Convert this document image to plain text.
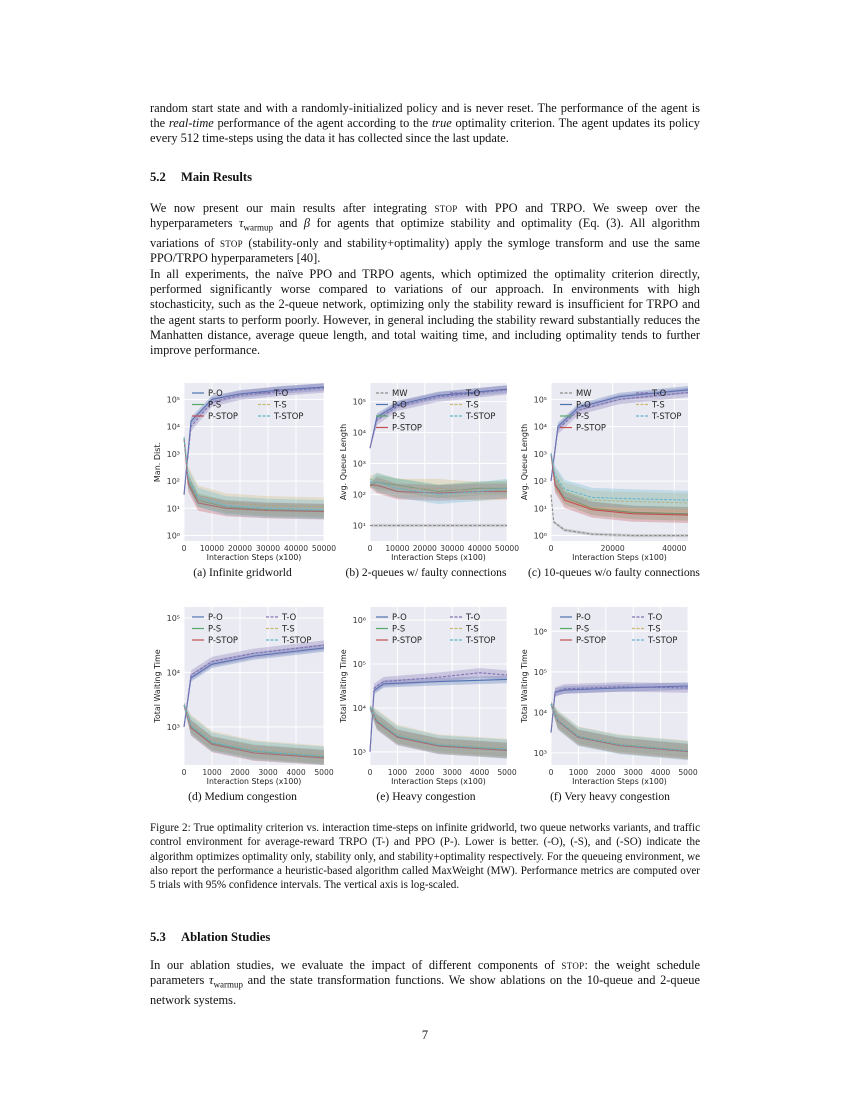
random start state and with a randomly-initialized policy and is never reset. The performance of the agent is the real-time performance of the agent according to the true optimality criterion. The agent updates its policy every 512 time-steps using the data it has collected since the last update.

5.2 Main Results

We now present our main results after integrating stop with PPO and TRPO. We sweep over the hyperparameters $\tau_{warmup}$ and β for agents that optimize stability and optimality (Eq. (3). All algorithm variations of stop (stability-only and stability+optimality) apply the symloge transform and use the same PPO/TRPO hyperparameters [40].

In all experiments, the naïve PPO and TRPO agents, which optimized the optimality criterion directly, performed significantly worse compared to variations of our approach. In environments with high stochasticity, such as the 2-queue network, optimizing only the stability reward is insufficient for TRPO and the agent starts to perform poorly. However, in general including the stability reward substantially reduces the Manhatten distance, average queue length, and total waiting time, and including optimality tends to further improve performance.

10⁰
10¹
10²
10³
10⁴
10⁵
0 10000 20000 30000 40000 50000
Interaction Steps (x100)
Man. Dist.
P-O	T-O
P-S	T-S
P-STOP	T-STOP
10¹
10²
10³
10⁴
10⁵
0 10000 20000 30000 40000 50000
Interaction Steps (x100)
Avg. Queue Length
MW	T-O
P-O	T-S
P-S	T-STOP
P-STOP
10⁰
10¹
10²
10³
10⁴
10⁵
0	20000	40000
Interaction Steps (x100)
Avg. Queue Length
MW	T-O
P-O	T-S
P-S	T-STOP
P-STOP
10³
10⁴
10⁵
0 1000 2000 3000 4000 5000
Interaction Steps (x100)
Total Waiting Time
P-O	T-O
P-S	T-S
P-STOP	T-STOP
10³
10⁴
10⁵
10⁶
0 1000 2000 3000 4000 5000
Interaction Steps (x100)
Total Waiting Time
P-O	T-O
P-S	T-S
P-STOP	T-STOP
10³
10⁴
10⁵
10⁶
0 1000 2000 3000 4000 5000
Interaction Steps (x100)
Total Waiting Time
P-O	T-O
P-S	T-S
P-STOP	T-STOP
(a) Infinite gridworld	(b) 2-queues w/ faulty connections	(c) 10-queues w/o faulty connections
(d) Medium congestion	(e) Heavy congestion	(f) Very heavy congestion

Figure 2: True optimality criterion vs. interaction time-steps on infinite gridworld, two queue networks variants, and traffic control environment for average-reward TRPO (T-) and PPO (P-). Lower is better. (-O), (-S), and (-SO) indicate the algorithm optimizes optimality only, stability only, and stability+optimality respectively. For the queueing environment, we also report the performance a heuristic-based algorithm called MaxWeight (MW). Performance metrics are computed over 5 trials with 95% confidence intervals. The vertical axis is log-scaled.

5.3 Ablation Studies

In our ablation studies, we evaluate the impact of different components of stop: the weight schedule parameters $\tau_{warmup}$ and the state transformation functions. We show ablations on the 10-queue and 2-queue network systems.

7
